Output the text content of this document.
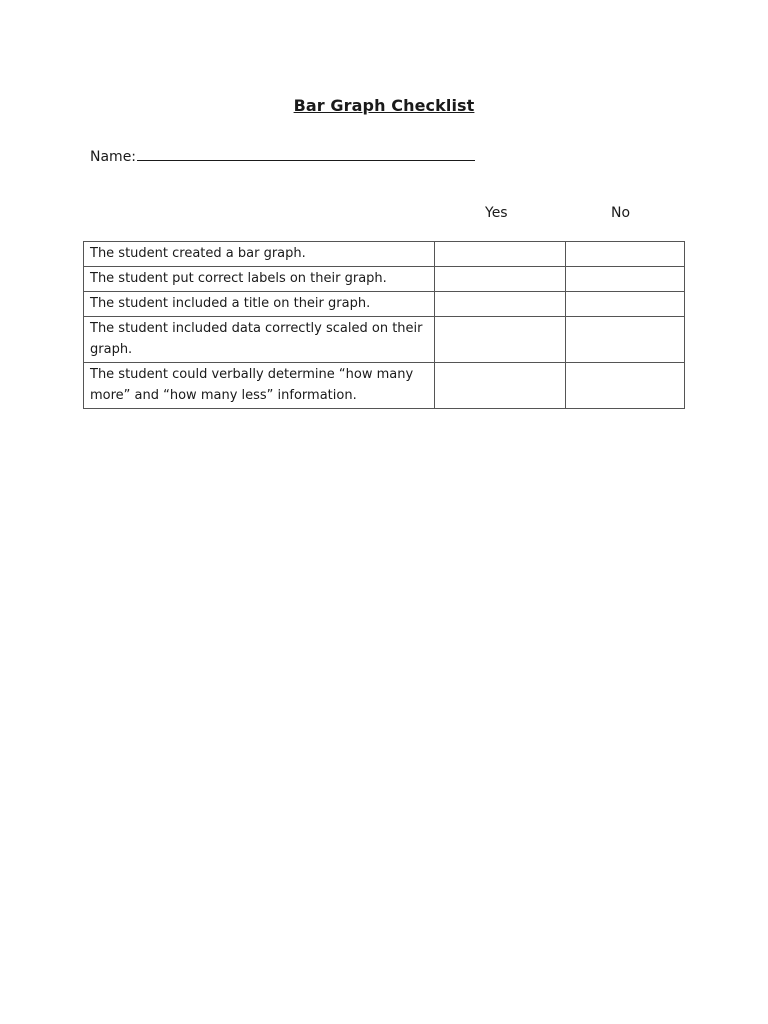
Bar Graph Checklist
Name:
Yes	No
The student created a bar graph.		
The student put correct labels on their graph.		
The student included a title on their graph.		
The student included data correctly scaled on their graph.		
The student could verbally determine “how many more” and “how many less” information.		
